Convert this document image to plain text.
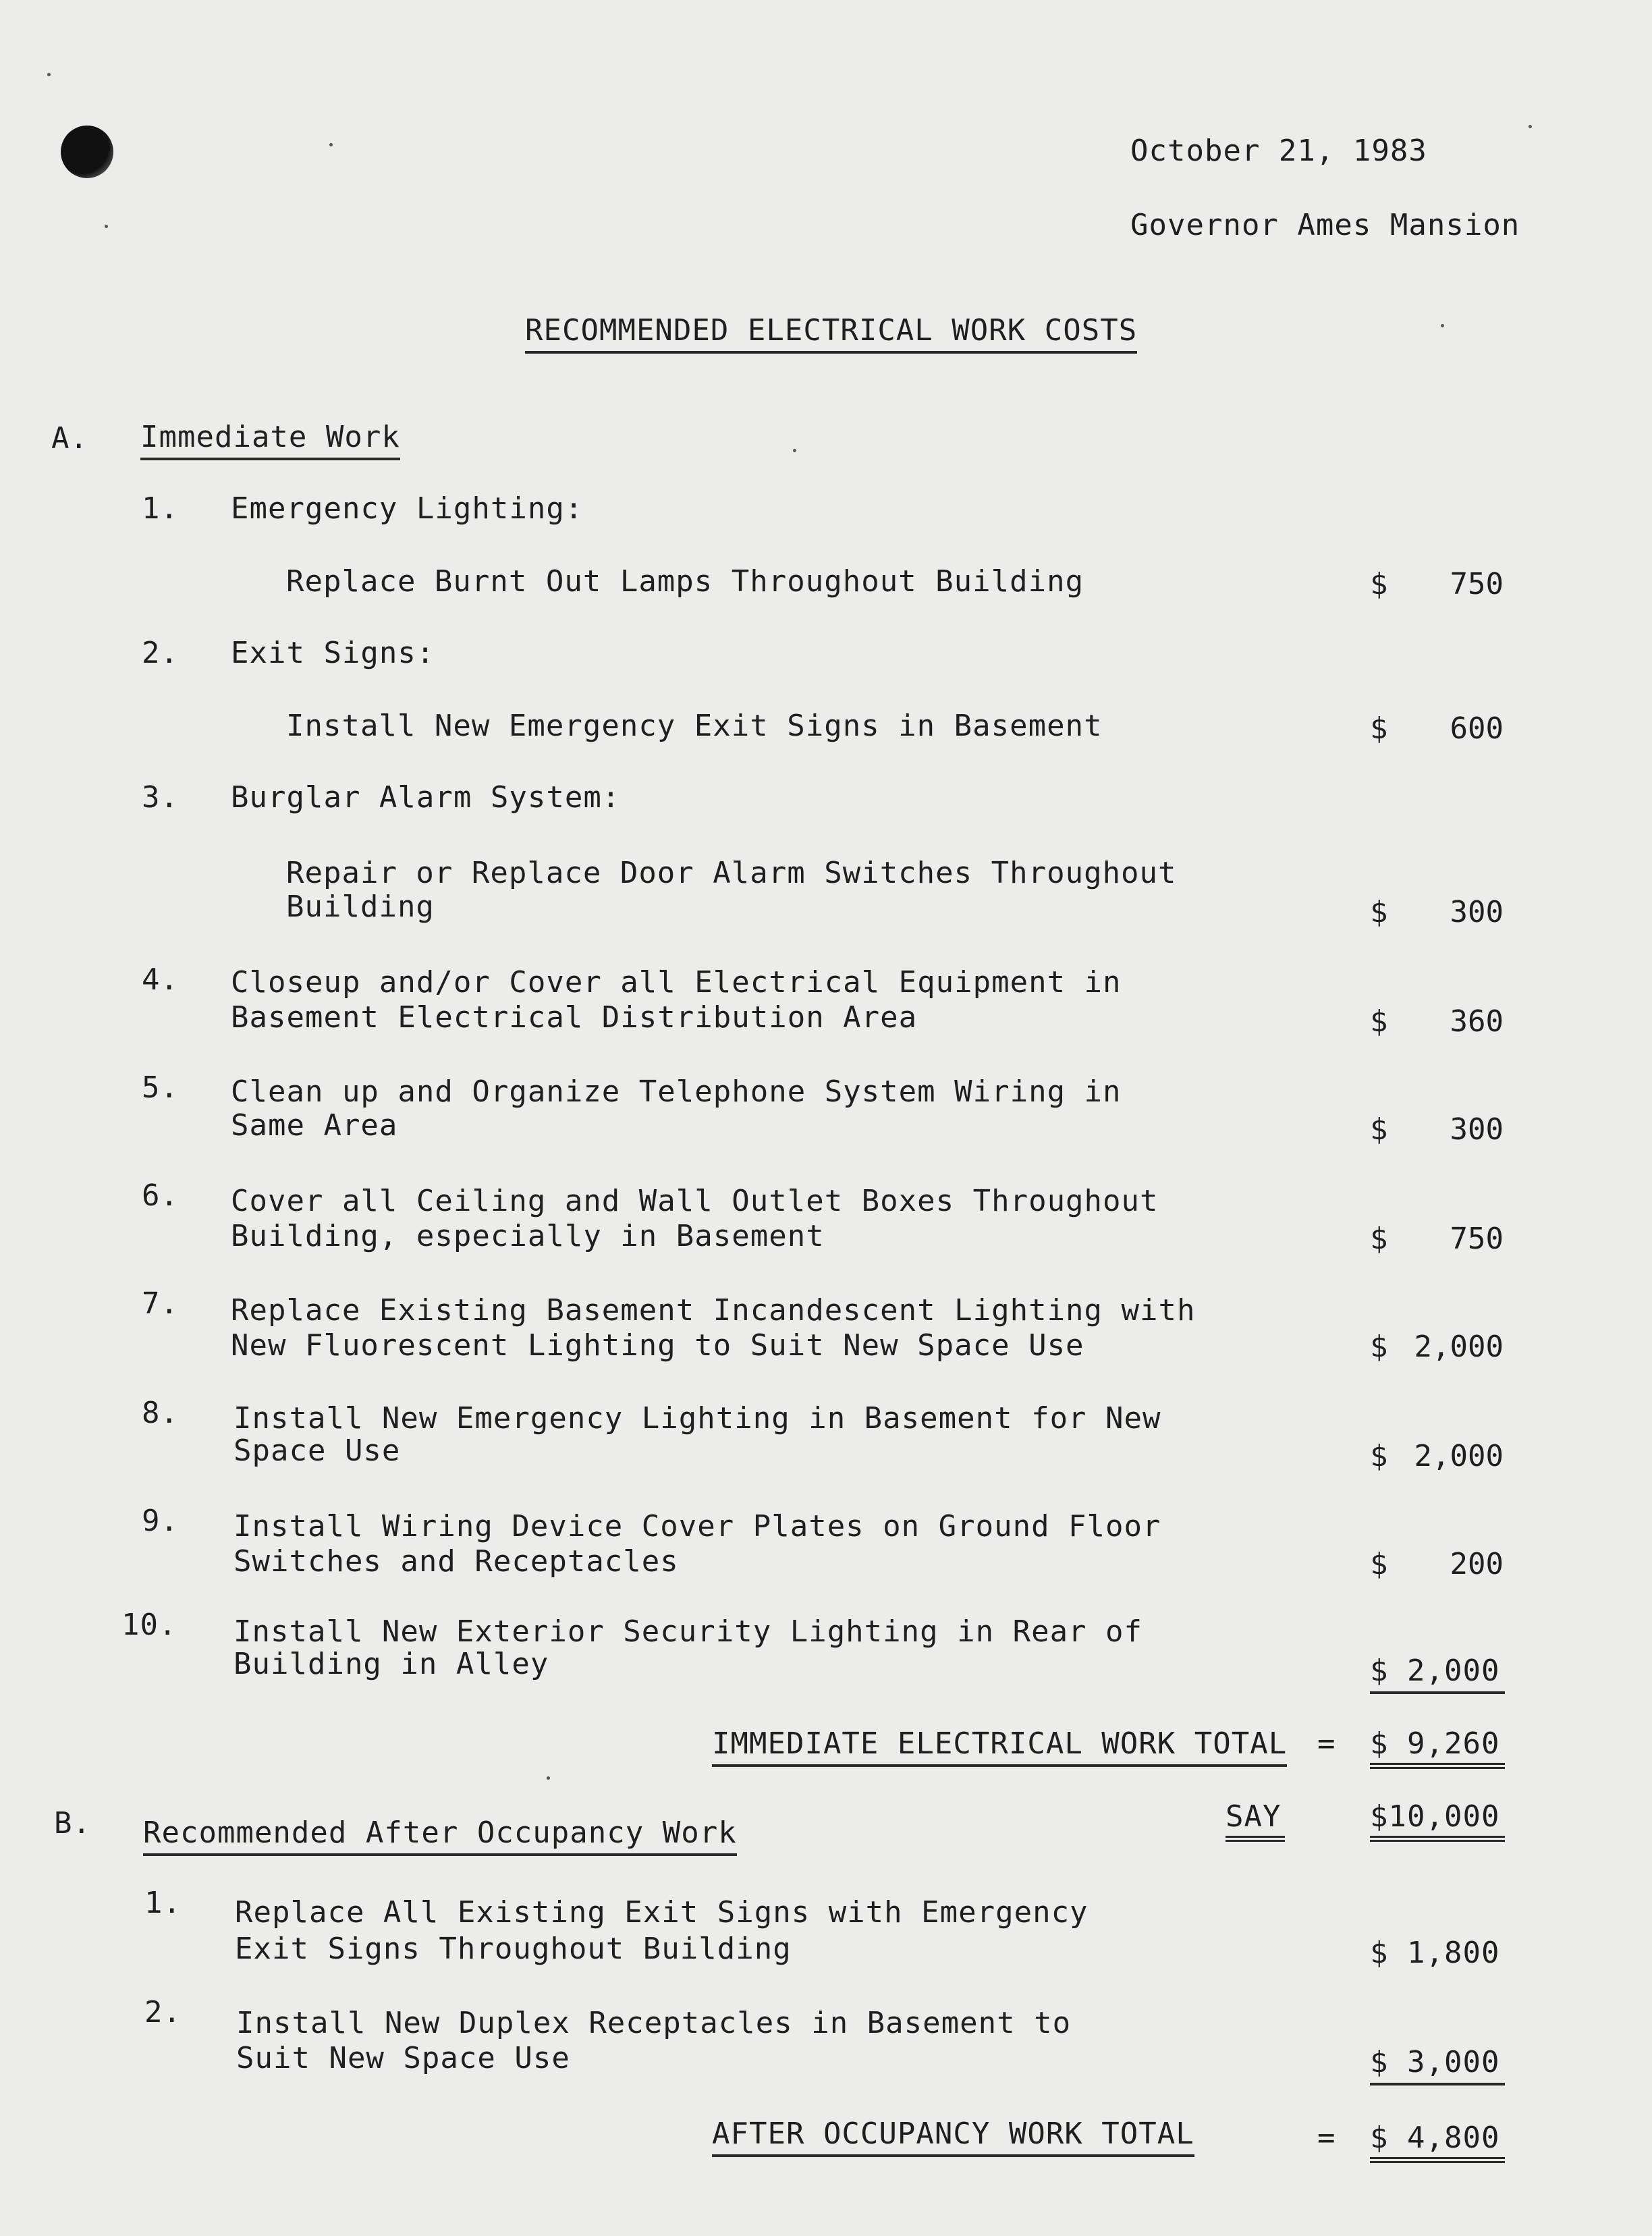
October 21, 1983
Governor Ames Mansion
RECOMMENDED ELECTRICAL WORK COSTS
A. Immediate Work
1. Emergency Lighting:
Replace Burnt Out Lamps Throughout Building	$ 750
2. Exit Signs:
Install New Emergency Exit Signs in Basement	$ 600
3. Burglar Alarm System:
Repair or Replace Door Alarm Switches Throughout
Building	$ 300
4. Closeup and/or Cover all Electrical Equipment in
Basement Electrical Distribution Area	$ 360
5. Clean up and Organize Telephone System Wiring in
Same Area	$ 300
6. Cover all Ceiling and Wall Outlet Boxes Throughout
Building, especially in Basement	$ 750
7. Replace Existing Basement Incandescent Lighting with
New Fluorescent Lighting to Suit New Space Use	$ 2,000
8. Install New Emergency Lighting in Basement for New
Space Use	$ 2,000
9. Install Wiring Device Cover Plates on Ground Floor
Switches and Receptacles	$ 200
10. Install New Exterior Security Lighting in Rear of
Building in Alley	$ 2,000
IMMEDIATE ELECTRICAL WORK TOTAL = $ 9,260
SAY	$10,000
B. Recommended After Occupancy Work
1. Replace All Existing Exit Signs with Emergency
Exit Signs Throughout Building	$ 1,800
2. Install New Duplex Receptacles in Basement to
Suit New Space Use	$ 3,000
AFTER OCCUPANCY WORK TOTAL	= $ 4,800
